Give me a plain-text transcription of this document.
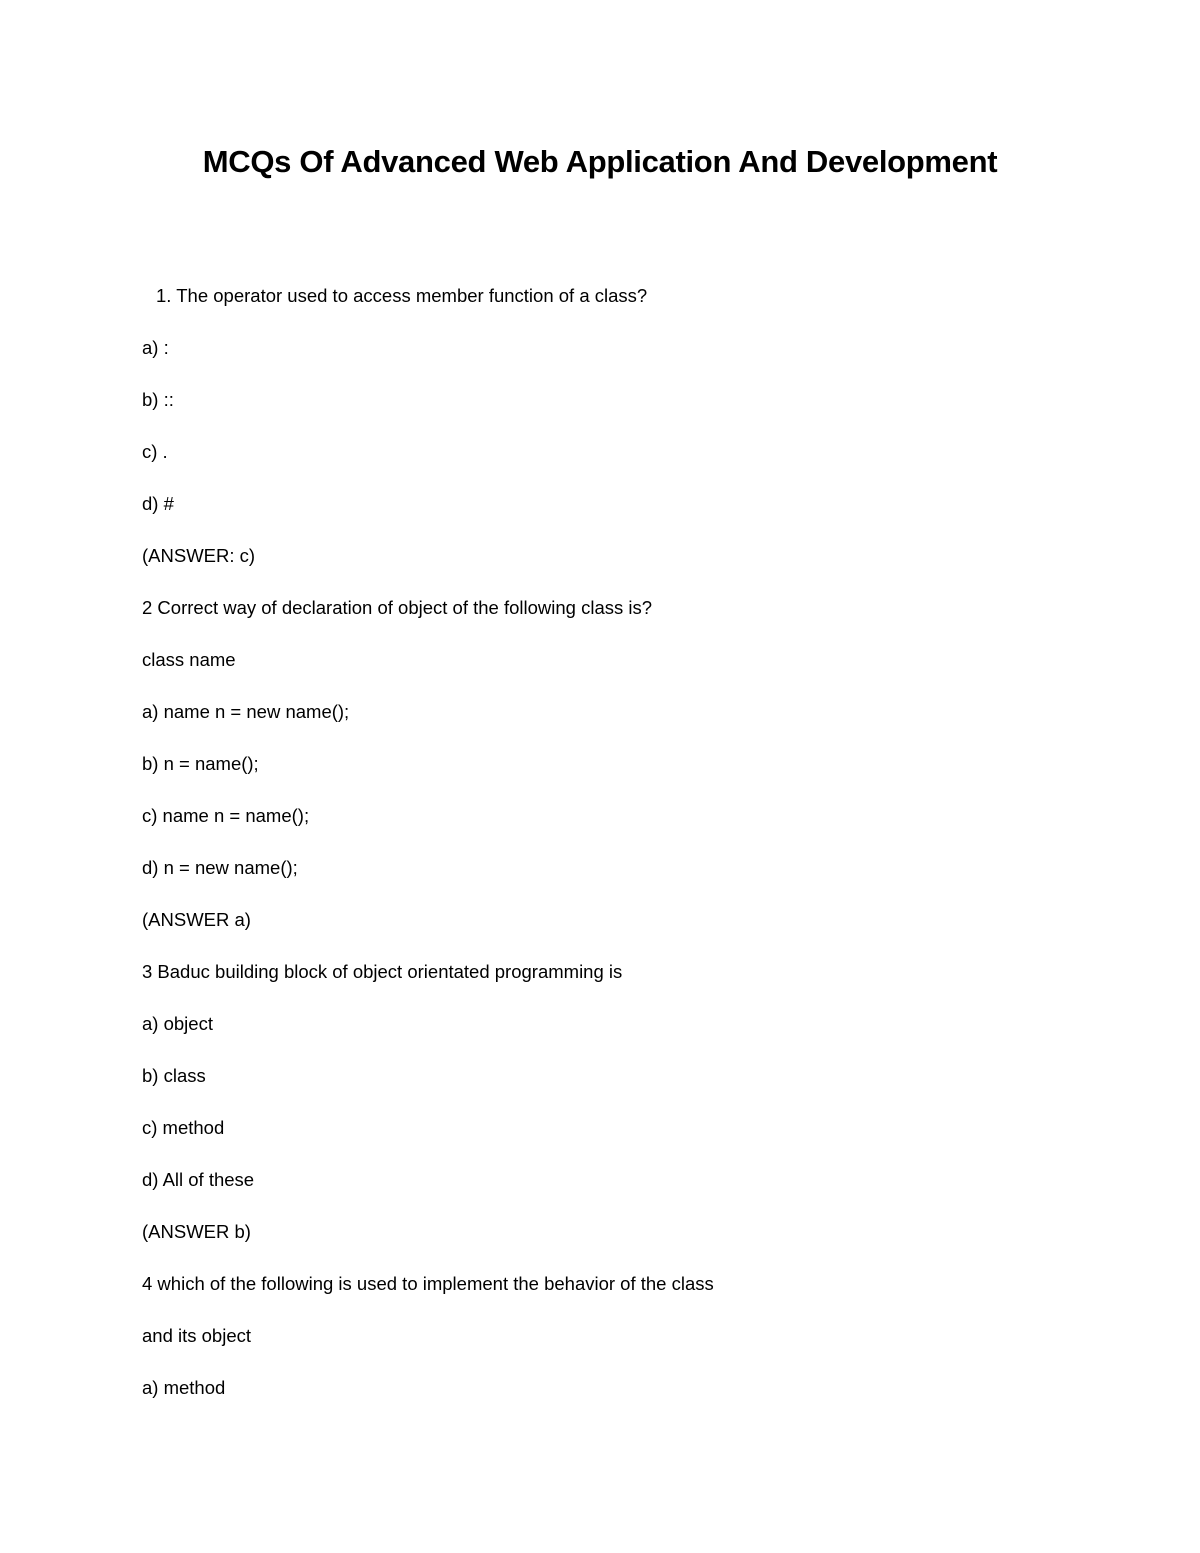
MCQs Of Advanced Web Application And Development
1. The operator used to access member function of a class?
a) :
b) ::
c) .
d) #
(ANSWER: c)
2 Correct way of declaration of object of the following class is?
class name
a) name n = new name();
b) n = name();
c) name n = name();
d) n = new name();
(ANSWER a)
3 Baduc building block of object orientated programming is
a) object
b) class
c) method
d) All of these
(ANSWER b)
4 which of the following is used to implement the behavior of the class
and its object
a) method
